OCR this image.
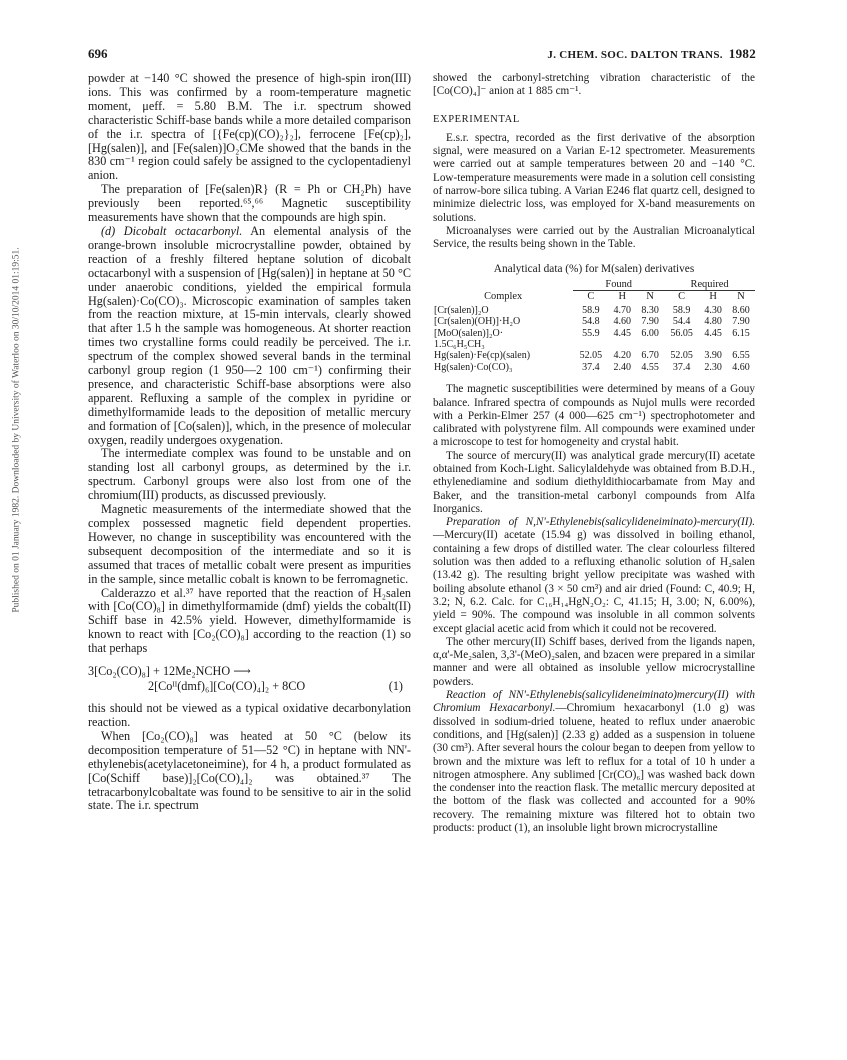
Published on 01 January 1982. Downloaded by University of Waterloo on 30/10/2014 01:19:51.
696	J. CHEM. SOC. DALTON TRANS. 1982

powder at −140 °C showed the presence of high-spin iron(III) ions. This was confirmed by a room-temperature magnetic moment, μeff. = 5.80 B.M. The i.r. spectrum showed characteristic Schiff-base bands while a more detailed comparison of the i.r. spectra of [{Fe(cp)(CO)₂}₂], ferrocene [Fe(cp)₂], [Hg(salen)], and [Fe(salen)]O₂CMe showed that the bands in the 830 cm⁻¹ region could safely be assigned to the cyclopentadienyl anion.

The preparation of [Fe(salen)R} (R = Ph or CH₂Ph) have previously been reported.⁶⁵,⁶⁶ Magnetic susceptibility measurements have shown that the compounds are high spin.

(d) Dicobalt octacarbonyl. An elemental analysis of the orange-brown insoluble microcrystalline powder, obtained by reaction of a freshly filtered heptane solution of dicobalt octacarbonyl with a suspension of [Hg(salen)] in heptane at 50 °C under anaerobic conditions, yielded the empirical formula Hg(salen)·Co(CO)₃. Microscopic examination of samples taken from the reaction mixture, at 15-min intervals, clearly showed that after 1.5 h the sample was homogeneous. At shorter reaction times two crystalline forms could readily be perceived. The i.r. spectrum of the complex showed several bands in the terminal carbonyl group region (1 950—2 100 cm⁻¹) confirming their presence, and characteristic Schiff-base absorptions were also apparent. Refluxing a sample of the complex in pyridine or dimethylformamide leads to the deposition of metallic mercury and formation of [Co(salen)], which, in the presence of molecular oxygen, readily undergoes oxygenation.

The intermediate complex was found to be unstable and on standing lost all carbonyl groups, as determined by the i.r. spectrum. Carbonyl groups were also lost from one of the chromium(III) products, as discussed previously.

Magnetic measurements of the intermediate showed that the complex possessed magnetic field dependent properties. However, no change in susceptibility was encountered with the subsequent decomposition of the intermediate and so it is assumed that traces of metallic cobalt were present as impurities in the sample, since metallic cobalt is known to be ferromagnetic.

Calderazzo et al.³⁷ have reported that the reaction of H₂salen with [Co(CO)₈] in dimethylformamide (dmf) yields the cobalt(II) Schiff base in 42.5% yield. However, dimethylformamide is known to react with [Co₂(CO)₈] according to the reaction (1) so that perhaps

3[Co₂(CO)₈] + 12Me₂NCHO ⟶
2[Coᴵᴵ(dmf)₆][Co(CO)₄]₂ + 8CO	(1)

this should not be viewed as a typical oxidative decarbonylation reaction.

When [Co₂(CO)₈] was heated at 50 °C (below its decomposition temperature of 51—52 °C) in heptane with NN'-ethylenebis(acetylacetoneimine), for 4 h, a product formulated as [Co(Schiff base)]₂[Co(CO)₄]₂ was obtained.³⁷ The tetracarbonylcobaltate was found to be sensitive to air in the solid state. The i.r. spectrum

showed the carbonyl-stretching vibration characteristic of the [Co(CO)₄]⁻ anion at 1 885 cm⁻¹.

EXPERIMENTAL

E.s.r. spectra, recorded as the first derivative of the absorption signal, were measured on a Varian E-12 spectrometer. Measurements were carried out at sample temperatures between 20 and −140 °C. Low-temperature measurements were made in a solution cell consisting of narrow-bore silica tubing. A Varian E246 flat quartz cell, designed to minimize dielectric loss, was employed for X-band measurements on solutions.

Microanalyses were carried out by the Australian Microanalytical Service, the results being shown in the Table.

Analytical data (%) for M(salen) derivatives
	Found			Required		

Complex	C	H	N	C	H	N
[Cr(salen)]₂O	58.9	4.70	8.30	58.9	4.30	8.60
[Cr(salen)(OH)]·H₂O	54.8	4.60	7.90	54.4	4.80	7.90
[MoO(salen)]₂O·	55.9	4.45	6.00	56.05	4.45	6.15
1.5C₆H₅CH₃						
Hg(salen)·Fe(cp)(salen)	52.05	4.20	6.70	52.05	3.90	6.55
Hg(salen)·Co(CO)₃	37.4	2.40	4.55	37.4	2.30	4.60

The magnetic susceptibilities were determined by means of a Gouy balance. Infrared spectra of compounds as Nujol mulls were recorded with a Perkin-Elmer 257 (4 000—625 cm⁻¹) spectrophotometer and calibrated with polystyrene film. All compounds were examined under a microscope to test for homogeneity and crystal habit.

The source of mercury(II) was analytical grade mercury(II) acetate obtained from Koch-Light. Salicylaldehyde was obtained from B.D.H., ethylenediamine and sodium diethyldithiocarbamate from May and Baker, and the transition-metal carbonyl compounds from Alfa Inorganics.

Preparation of N,N'-Ethylenebis(salicylideneiminato)-mercury(II).—Mercury(II) acetate (15.94 g) was dissolved in boiling ethanol, containing a few drops of distilled water. The clear colourless filtered solution was then added to a refluxing ethanolic solution of H₂salen (13.42 g). The resulting bright yellow precipitate was washed with boiling absolute ethanol (3 × 50 cm³) and air dried (Found: C, 40.9; H, 3.2; N, 6.2. Calc. for C₁₆H₁₄HgN₂O₂: C, 41.15; H, 3.00; N, 6.00%), yield = 90%. The compound was insoluble in all common solvents except glacial acetic acid from which it could not be recovered.

The other mercury(II) Schiff bases, derived from the ligands napen, α,α'-Me₂salen, 3,3'-(MeO)₂salen, and bzacen were prepared in a similar manner and were all obtained as insoluble yellow microcrystalline powders.

Reaction of NN'-Ethylenebis(salicylideneiminato)mercury(II) with Chromium Hexacarbonyl.—Chromium hexacarbonyl (1.0 g) was dissolved in sodium-dried toluene, heated to reflux under anaerobic conditions, and [Hg(salen)] (2.33 g) added as a suspension in toluene (30 cm³). After several hours the colour began to deepen from yellow to brown and the mixture was left to reflux for a total of 10 h under a nitrogen atmosphere. Any sublimed [Cr(CO)₆] was washed back down the condenser into the reaction flask. The metallic mercury deposited at the bottom of the flask was collected and accounted for a 90% recovery. The remaining mixture was filtered hot to obtain two products: product (1), an insoluble light brown microcrystalline
